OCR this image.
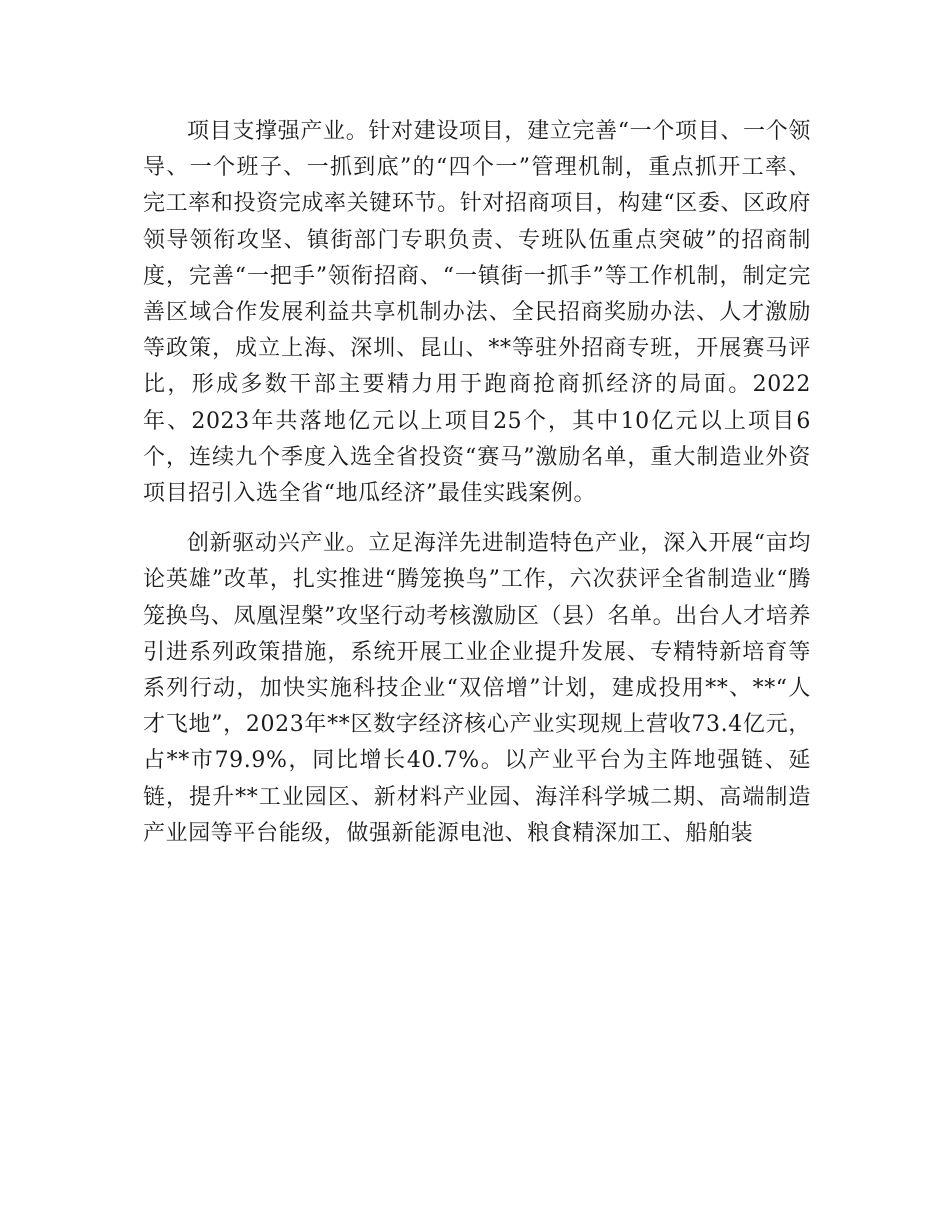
项目支撑强产业。针对建设项目，建立完善“一个项目、一个领导、一个班子、一抓到底”的“四个一”管理机制，重点抓开工率、完工率和投资完成率关键环节。针对招商项目，构建“区委、区政府领导领衔攻坚、镇街部门专职负责、专班队伍重点突破”的招商制度，完善“一把手”领衔招商、“一镇街一抓手”等工作机制，制定完善区域合作发展利益共享机制办法、全民招商奖励办法、人才激励等政策，成立上海、深圳、昆山、**等驻外招商专班，开展赛马评比，形成多数干部主要精力用于跑商抢商抓经济的局面。2022年、2023年共落地亿元以上项目25个，其中10亿元以上项目6个，连续九个季度入选全省投资“赛马”激励名单，重大制造业外资项目招引入选全省“地瓜经济”最佳实践案例。

创新驱动兴产业。立足海洋先进制造特色产业，深入开展“亩均论英雄”改革，扎实推进“腾笼换鸟”工作，六次获评全省制造业“腾笼换鸟、凤凰涅槃”攻坚行动考核激励区（县）名单。出台人才培养引进系列政策措施，系统开展工业企业提升发展、专精特新培育等系列行动，加快实施科技企业“双倍增”计划，建成投用**、**“人才飞地”，2023年**区数字经济核心产业实现规上营收73.4亿元，占**市79.9%，同比增长40.7%。以产业平台为主阵地强链、延链，提升**工业园区、新材料产业园、海洋科学城二期、高端制造产业园等平台能级，做强新能源电池、粮食精深加工、船舶装
